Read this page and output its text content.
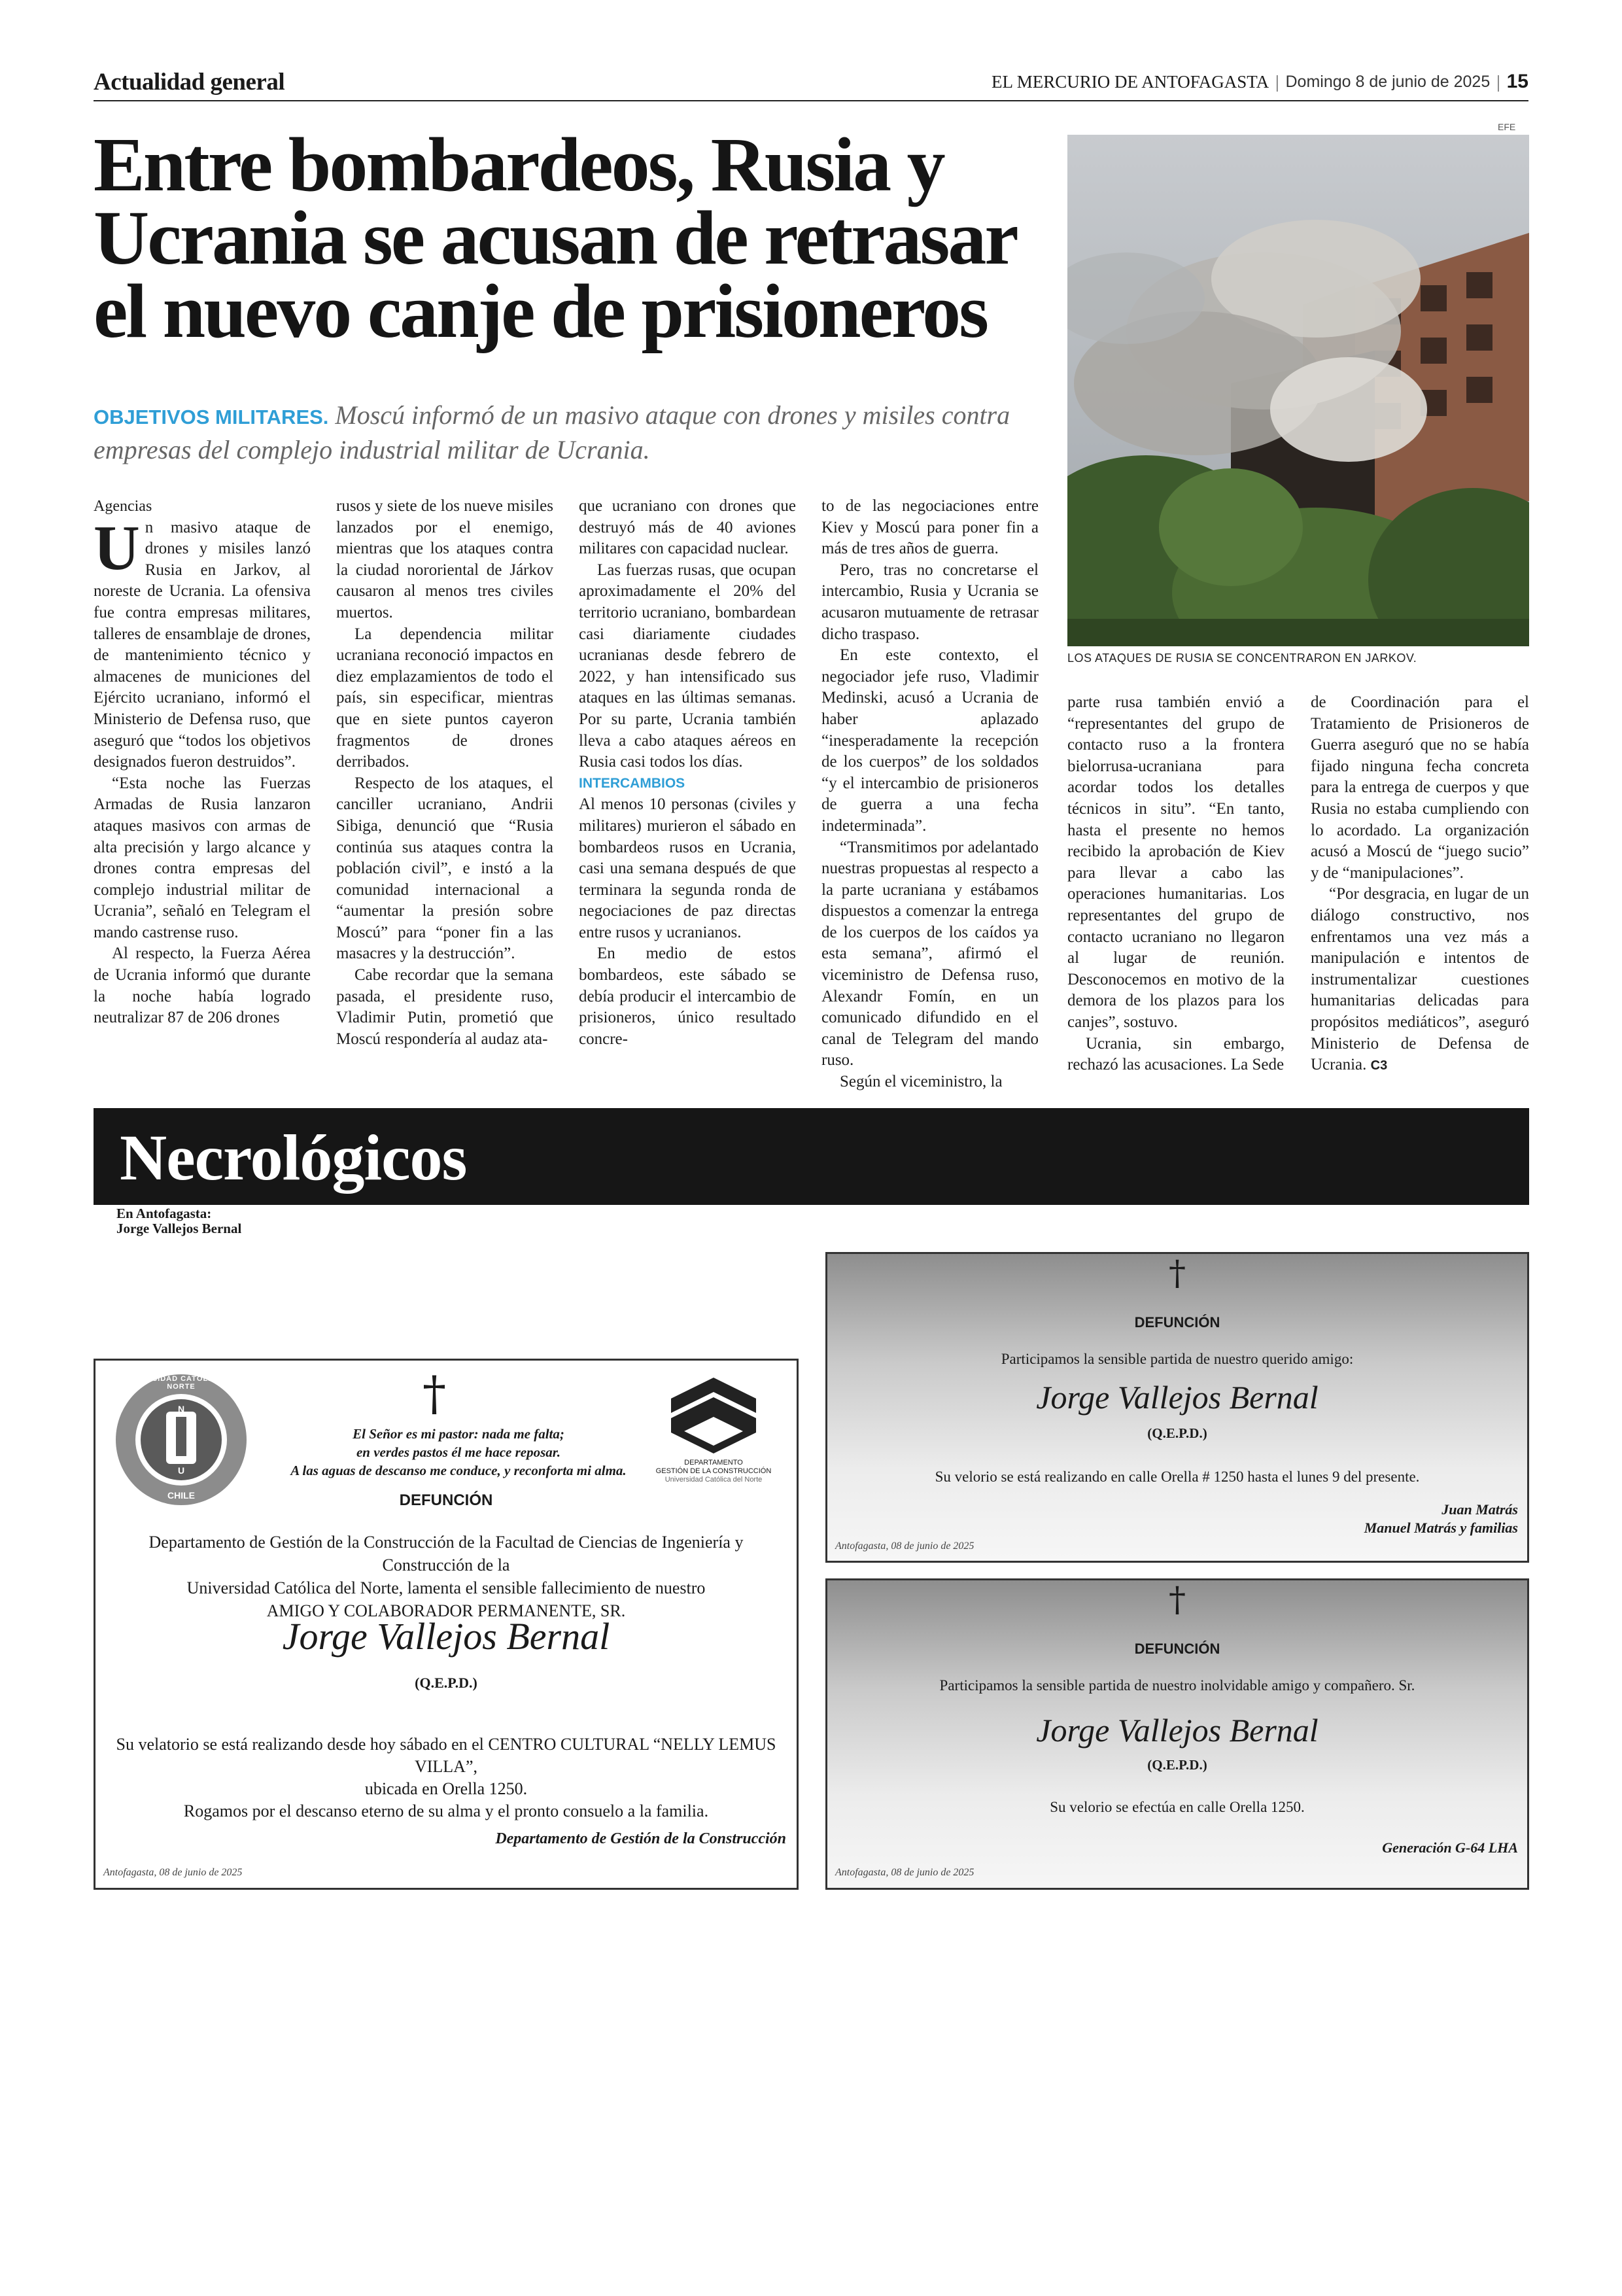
Actualidad general	EL MERCURIO DE ANTOFAGASTA | Domingo 8 de junio de 2025 | 15
Entre bombardeos, Rusia y Ucrania se acusan de retrasar el nuevo canje de prisioneros
OBJETIVOS MILITARES. Moscú informó de un masivo ataque con drones y misiles contra empresas del complejo industrial militar de Ucrania.
EFE
LOS ATAQUES DE RUSIA SE CONCENTRARON EN JARKOV.

Agencias

Un masivo ataque de drones y misiles lanzó Rusia en Jarkov, al noreste de Ucrania. La ofensiva fue contra empresas militares, talleres de ensamblaje de drones, de mantenimiento técnico y almacenes de municiones del Ejército ucraniano, informó el Ministerio de Defensa ruso, que aseguró que “todos los objetivos designados fueron destruidos”.

“Esta noche las Fuerzas Armadas de Rusia lanzaron ataques masivos con armas de alta precisión y largo alcance y drones contra empresas del complejo industrial militar de Ucrania”, señaló en Telegram el mando castrense ruso.

Al respecto, la Fuerza Aérea de Ucrania informó que durante la noche había logrado neutralizar 87 de 206 drones

rusos y siete de los nueve misiles lanzados por el enemigo, mientras que los ataques contra la ciudad nororiental de Járkov causaron al menos tres civiles muertos.

La dependencia militar ucraniana reconoció impactos en diez emplazamientos de todo el país, sin especificar, mientras que en siete puntos cayeron fragmentos de drones derribados.

Respecto de los ataques, el canciller ucraniano, Andrii Sibiga, denunció que “Rusia continúa sus ataques contra la población civil”, e instó a la comunidad internacional a “aumentar la presión sobre Moscú” para “poner fin a las masacres y la destrucción”.

Cabe recordar que la semana pasada, el presidente ruso, Vladimir Putin, prometió que Moscú respondería al audaz ata-

que ucraniano con drones que destruyó más de 40 aviones militares con capacidad nuclear.

Las fuerzas rusas, que ocupan aproximadamente el 20% del territorio ucraniano, bombardean casi diariamente ciudades ucranianas desde febrero de 2022, y han intensificado sus ataques en las últimas semanas. Por su parte, Ucrania también lleva a cabo ataques aéreos en Rusia casi todos los días.

INTERCAMBIOS

Al menos 10 personas (civiles y militares) murieron el sábado en bombardeos rusos en Ucrania, casi una semana después de que terminara la segunda ronda de negociaciones de paz directas entre rusos y ucranianos.

En medio de estos bombardeos, este sábado se debía producir el intercambio de prisioneros, único resultado concre-

to de las negociaciones entre Kiev y Moscú para poner fin a más de tres años de guerra.

Pero, tras no concretarse el intercambio, Rusia y Ucrania se acusaron mutuamente de retrasar dicho traspaso.

En este contexto, el negociador jefe ruso, Vladimir Medinski, acusó a Ucrania de haber aplazado “inesperadamente la recepción de los cuerpos” de los soldados “y el intercambio de prisioneros de guerra a una fecha indeterminada”.

“Transmitimos por adelantado nuestras propuestas al respecto a la parte ucraniana y estábamos dispuestos a comenzar la entrega de los cuerpos de los caídos ya esta semana”, afirmó el viceministro de Defensa ruso, Alexandr Fomín, en un comunicado difundido en el canal de Telegram del mando ruso.

Según el viceministro, la

parte rusa también envió a “representantes del grupo de contacto ruso a la frontera bielorrusa-ucraniana para acordar todos los detalles técnicos in situ”. “En tanto, hasta el presente no hemos recibido la aprobación de Kiev para llevar a cabo las operaciones humanitarias. Los representantes del grupo de contacto ucraniano no llegaron al lugar de reunión. Desconocemos en motivo de la demora de los plazos para los canjes”, sostuvo.

Ucrania, sin embargo, rechazó las acusaciones. La Sede

de Coordinación para el Tratamiento de Prisioneros de Guerra aseguró que no se había fijado ninguna fecha concreta para la entrega de cuerpos y que Rusia no estaba cumpliendo con lo acordado. La organización acusó a Moscú de “juego sucio” y de “manipulaciones”.

“Por desgracia, en lugar de un diálogo constructivo, nos enfrentamos una vez más a manipulación e intentos de instrumentalizar cuestiones humanitarias delicadas para propósitos mediáticos”, aseguró Ministerio de Defensa de Ucrania. C3

Necrológicos
En Antofagasta:
Jorge Vallejos Bernal
UNIVERSIDAD CATÓLICA DEL NORTE
CHILE
N
U
†
El Señor es mi pastor: nada me falta;
en verdes pastos él me hace reposar.
A las aguas de descanso me conduce, y reconforta mi alma.	DEPARTAMENTO
GESTIÓN DE LA CONSTRUCCIÓN
Universidad Católica del Norte
DEFUNCIÓN
Departamento de Gestión de la Construcción de la Facultad de Ciencias de Ingeniería y Construcción de la
Universidad Católica del Norte, lamenta el sensible fallecimiento de nuestro
AMIGO Y COLABORADOR PERMANENTE, SR.
Jorge Vallejos Bernal
(Q.E.P.D.)
Su velatorio se está realizando desde hoy sábado en el CENTRO CULTURAL “NELLY LEMUS VILLA”,
ubicada en Orella 1250.
Rogamos por el descanso eterno de su alma y el pronto consuelo a la familia.
Departamento de Gestión de la Construcción
Antofagasta, 08 de junio de 2025
†
DEFUNCIÓN
Participamos la sensible partida de nuestro querido amigo:
Jorge Vallejos Bernal
(Q.E.P.D.)
Su velorio se está realizando en calle Orella # 1250 hasta el lunes 9 del presente.
Juan Matrás
Manuel Matrás y familias
Antofagasta, 08 de junio de 2025
†
DEFUNCIÓN
Participamos la sensible partida de nuestro inolvidable amigo y compañero. Sr.
Jorge Vallejos Bernal
(Q.E.P.D.)
Su velorio se efectúa en calle Orella 1250.
Generación G-64 LHA
Antofagasta, 08 de junio de 2025
